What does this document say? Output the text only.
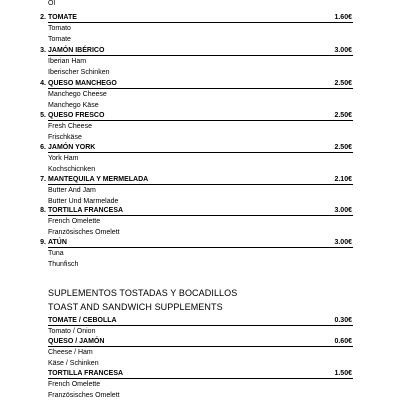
Öl
2. TOMATE	1.60€
Tomato
Tomate
3. JAMÓN IBÉRICO	3.00€
Iberian Ham
Iberischer Schinken
4. QUESO MANCHEGO	2.50€
Manchego Cheese
Manchego Käse
5. QUESO FRESCO	2.50€
Fresh Cheese
Frischkäse
6. JAMÓN YORK	2.50€
York Ham
Kochschicnken
7. MANTEQUILA Y MERMELADA	2.10€
Butter And Jam
Butter Und Marmelade
8. TORTILLA FRANCESA	3.00€
French Omelette
Französisches Omelett
9. ATÚN	3.00€
Tuna
Thunfisch
SUPLEMENTOS TOSTADAS Y BOCADILLOS
TOAST AND SANDWICH SUPPLEMENTS
TOMATE / CEBOLLA	0.30€
Tomato / Onion
QUESO / JAMÓN	0.60€
Cheese / Ham
Käse / Schinken
TORTILLA FRANCESA	1.50€
French Omelette
Französisches Omelett
